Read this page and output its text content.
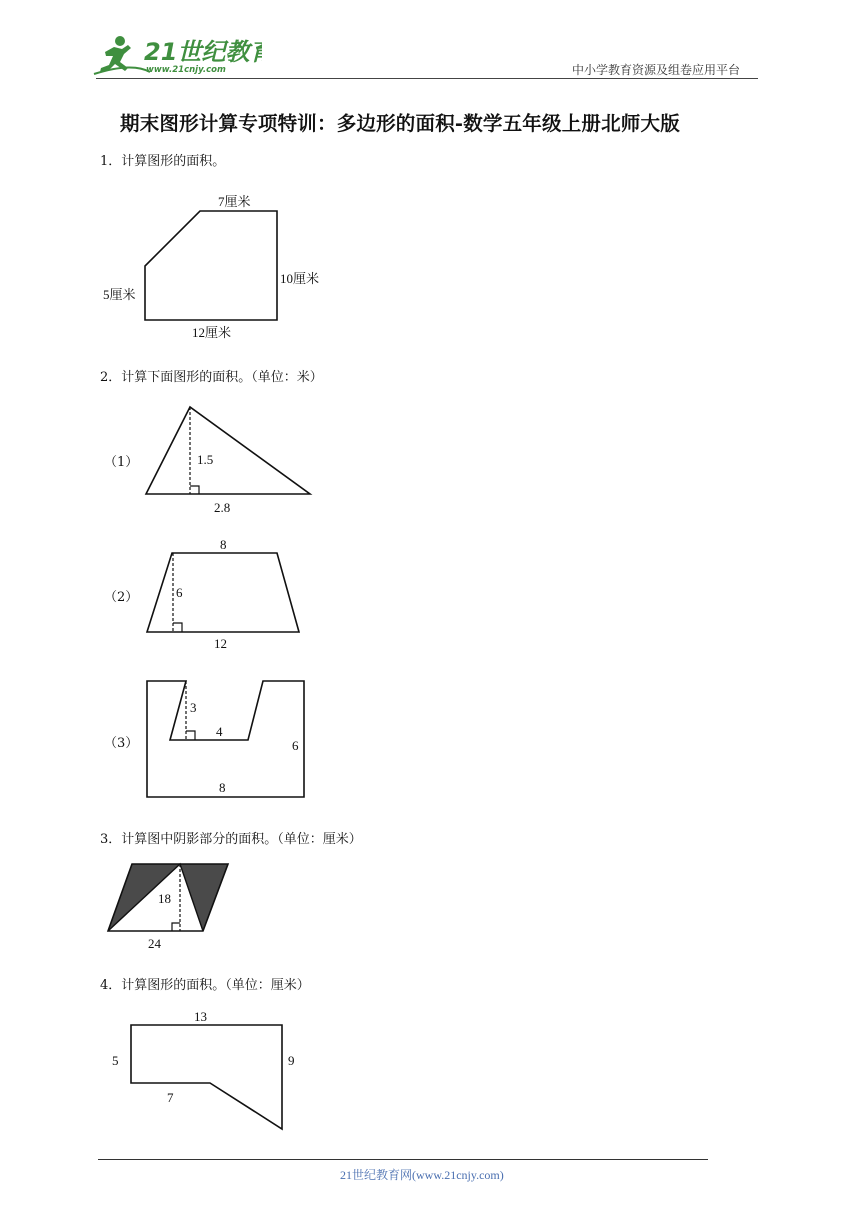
21世纪教育
www.21cnjy.com	中小学教育资源及组卷应用平台
期末图形计算专项特训：多边形的面积-数学五年级上册北师大版
1．计算图形的面积。
7厘米
10厘米
5厘米
12厘米
2．计算下面图形的面积。（单位：米）
（1）	1.5
2.8
（2）
8
6
12
（3）
3
4
6
8
3．计算图中阴影部分的面积。（单位：厘米）
18
24
4．计算图形的面积。（单位：厘米）
13
5	9
7
21世纪教育网(www.21cnjy.com)
